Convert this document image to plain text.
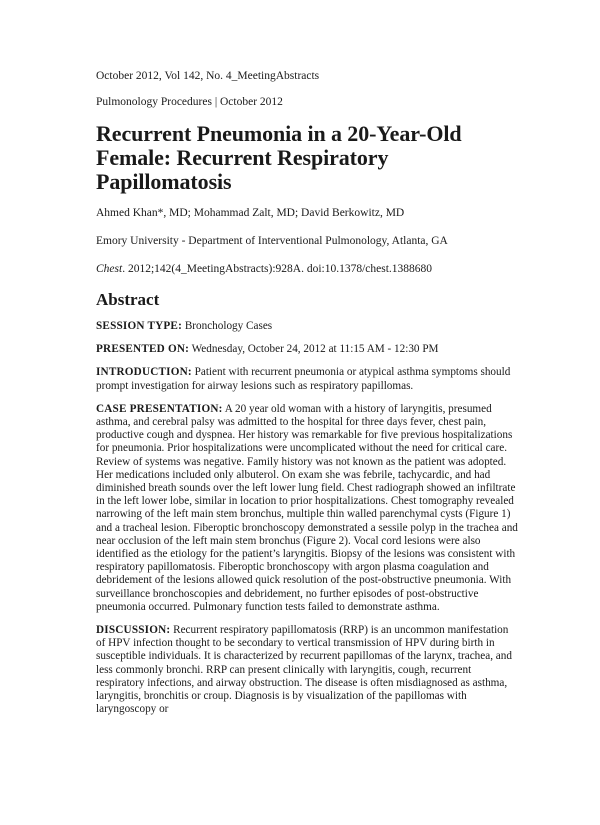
October 2012, Vol 142, No. 4_MeetingAbstracts

Pulmonology Procedures | October 2012

Recurrent Pneumonia in a 20-Year-Old Female: Recurrent Respiratory Papillomatosis

Ahmed Khan*, MD; Mohammad Zalt, MD; David Berkowitz, MD

Emory University - Department of Interventional Pulmonology, Atlanta, GA

Chest. 2012;142(4_MeetingAbstracts):928A. doi:10.1378/chest.1388680

Abstract

SESSION TYPE: Bronchology Cases

PRESENTED ON: Wednesday, October 24, 2012 at 11:15 AM - 12:30 PM

INTRODUCTION: Patient with recurrent pneumonia or atypical asthma symptoms should prompt investigation for airway lesions such as respiratory papillomas.

CASE PRESENTATION: A 20 year old woman with a history of laryngitis, presumed asthma, and cerebral palsy was admitted to the hospital for three days fever, chest pain, productive cough and dyspnea. Her history was remarkable for five previous hospitalizations for pneumonia. Prior hospitalizations were uncomplicated without the need for critical care. Review of systems was negative. Family history was not known as the patient was adopted. Her medications included only albuterol. On exam she was febrile, tachycardic, and had diminished breath sounds over the left lower lung field. Chest radiograph showed an infiltrate in the left lower lobe, similar in location to prior hospitalizations. Chest tomography revealed narrowing of the left main stem bronchus, multiple thin walled parenchymal cysts (Figure 1) and a tracheal lesion. Fiberoptic bronchoscopy demonstrated a sessile polyp in the trachea and near occlusion of the left main stem bronchus (Figure 2). Vocal cord lesions were also identified as the etiology for the patient’s laryngitis. Biopsy of the lesions was consistent with respiratory papillomatosis. Fiberoptic bronchoscopy with argon plasma coagulation and debridement of the lesions allowed quick resolution of the post-obstructive pneumonia. With surveillance bronchoscopies and debridement, no further episodes of post-obstructive pneumonia occurred. Pulmonary function tests failed to demonstrate asthma.

DISCUSSION: Recurrent respiratory papillomatosis (RRP) is an uncommon manifestation of HPV infection thought to be secondary to vertical transmission of HPV during birth in susceptible individuals. It is characterized by recurrent papillomas of the larynx, trachea, and less commonly bronchi. RRP can present clinically with laryngitis, cough, recurrent respiratory infections, and airway obstruction. The disease is often misdiagnosed as asthma, laryngitis, bronchitis or croup. Diagnosis is by visualization of the papillomas with laryngoscopy or
